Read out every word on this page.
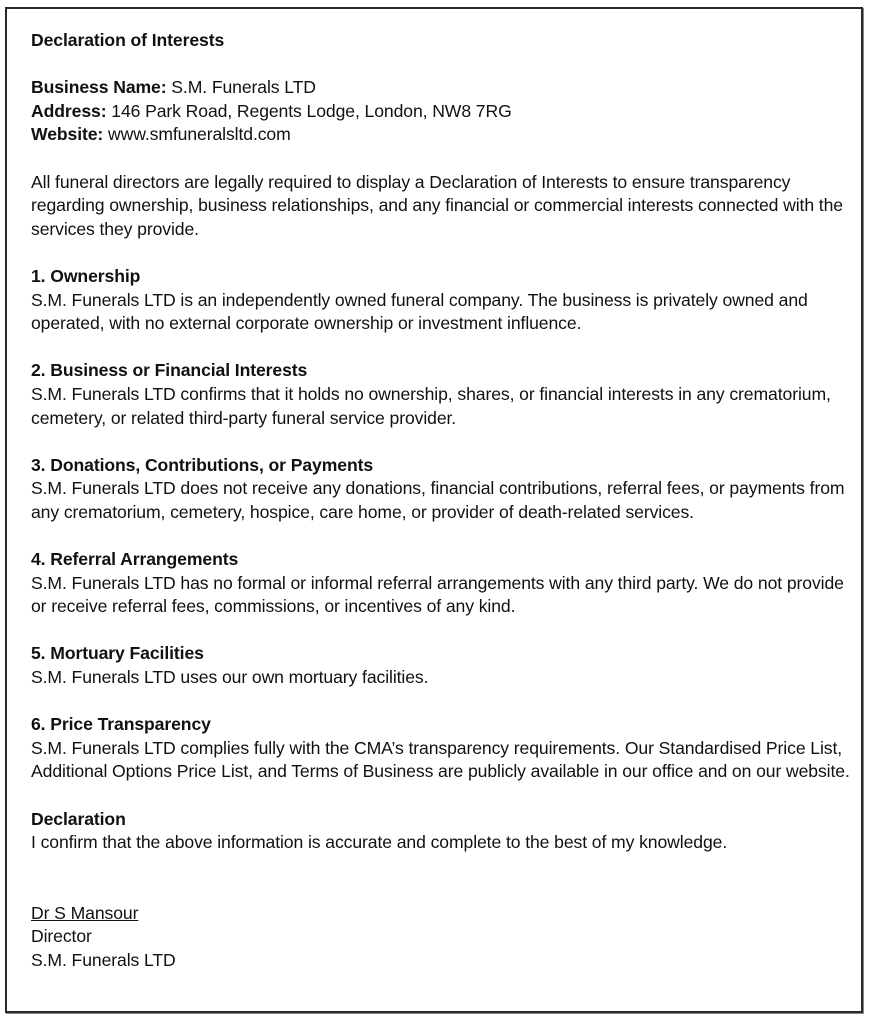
Declaration of Interests

Business Name: S.M. Funerals LTD

Address: 146 Park Road, Regents Lodge, London, NW8 7RG

Website: www.smfuneralsltd.com

All funeral directors are legally required to display a Declaration of Interests to ensure transparency regarding ownership, business relationships, and any financial or commercial interests connected with the services they provide.

1. Ownership

S.M. Funerals LTD is an independently owned funeral company. The business is privately owned and operated, with no external corporate ownership or investment influence.

2. Business or Financial Interests

S.M. Funerals LTD confirms that it holds no ownership, shares, or financial interests in any crematorium, cemetery, or related third-party funeral service provider.

3. Donations, Contributions, or Payments

S.M. Funerals LTD does not receive any donations, financial contributions, referral fees, or payments from any crematorium, cemetery, hospice, care home, or provider of death-related services.

4. Referral Arrangements

S.M. Funerals LTD has no formal or informal referral arrangements with any third party. We do not provide or receive referral fees, commissions, or incentives of any kind.

5. Mortuary Facilities

S.M. Funerals LTD uses our own mortuary facilities.

6. Price Transparency

S.M. Funerals LTD complies fully with the CMA’s transparency requirements. Our Standardised Price List, Additional Options Price List, and Terms of Business are publicly available in our office and on our website.

Declaration

I confirm that the above information is accurate and complete to the best of my knowledge.

Dr S Mansour

Director

S.M. Funerals LTD
